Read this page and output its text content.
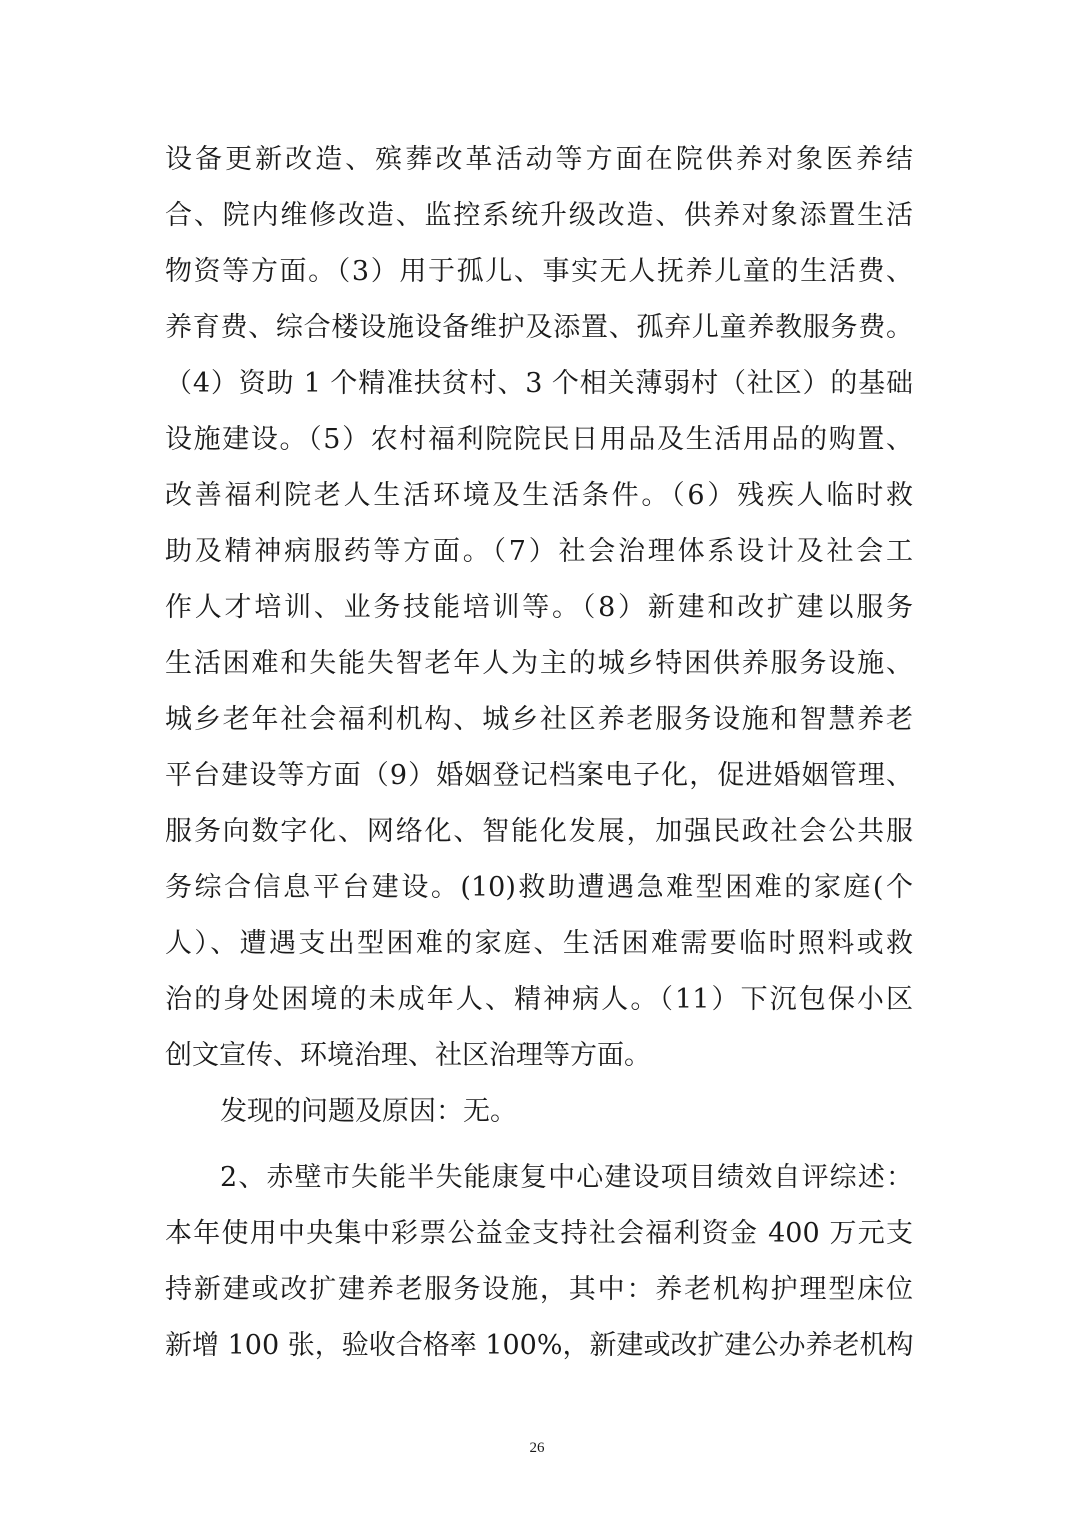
设备更新改造、殡葬改革活动等方面在院供养对象医养结
合、院内维修改造、监控系统升级改造、供养对象添置生活
物资等方面。（3）用于孤儿、事实无人抚养儿童的生活费、
养育费、综合楼设施设备维护及添置、孤弃儿童养教服务费。
（4）资助 1 个精准扶贫村、3 个相关薄弱村（社区）的基础
设施建设。（5）农村福利院院民日用品及生活用品的购置、
改善福利院老人生活环境及生活条件。（6）残疾人临时救
助及精神病服药等方面。（7）社会治理体系设计及社会工
作人才培训、业务技能培训等。（8）新建和改扩建以服务
生活困难和失能失智老年人为主的城乡特困供养服务设施、
城乡老年社会福利机构、城乡社区养老服务设施和智慧养老
平台建设等方面（9）婚姻登记档案电子化，促进婚姻管理、
服务向数字化、网络化、智能化发展，加强民政社会公共服
务综合信息平台建设。(10)救助遭遇急难型困难的家庭(个
人）、遭遇支出型困难的家庭、生活困难需要临时照料或救
治的身处困境的未成年人、精神病人。（11）下沉包保小区
创文宣传、环境治理、社区治理等方面。
发现的问题及原因：无。
2、赤壁市失能半失能康复中心建设项目绩效自评综述：
本年使用中央集中彩票公益金支持社会福利资金 400 万元支
持新建或改扩建养老服务设施，其中：养老机构护理型床位
新增 100 张，验收合格率 100%，新建或改扩建公办养老机构
26
